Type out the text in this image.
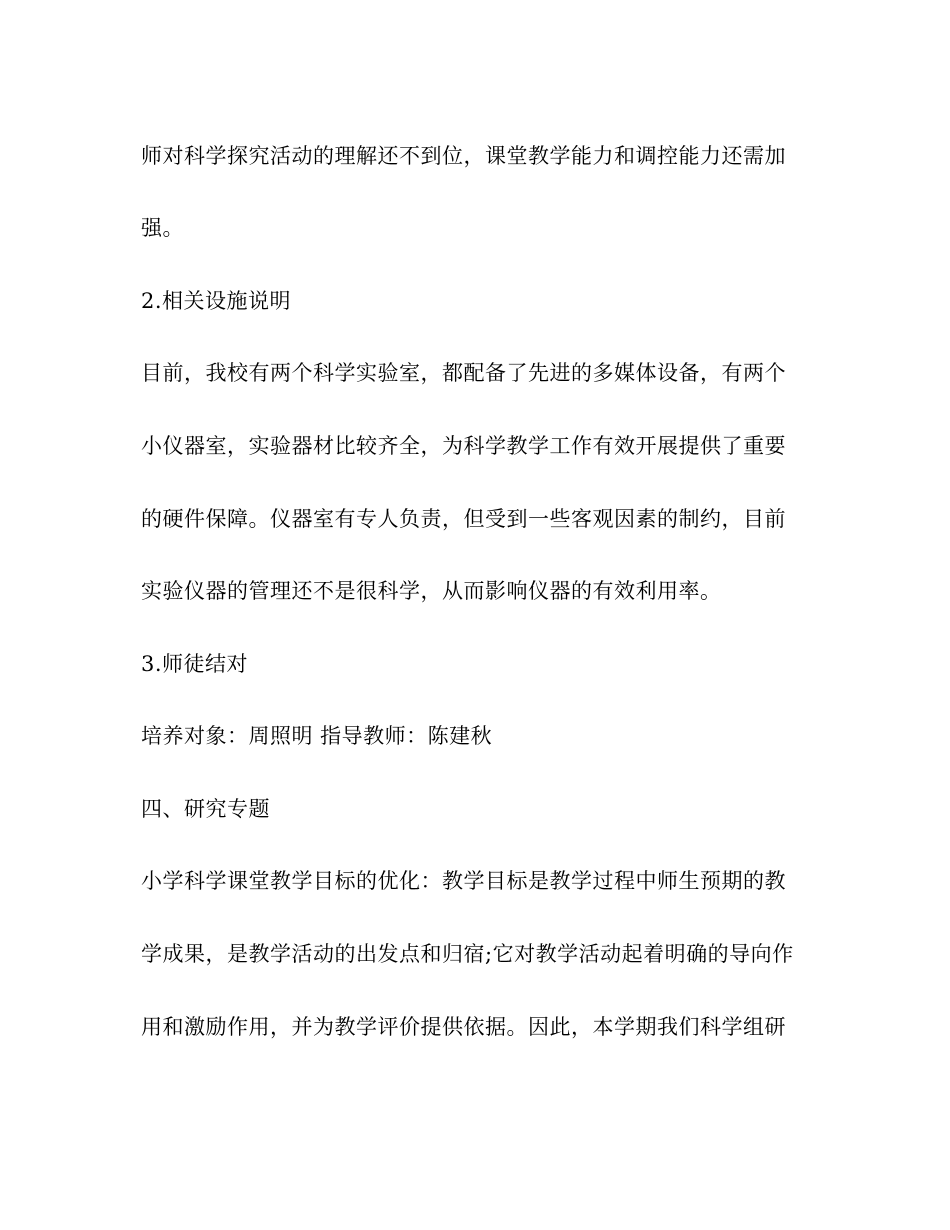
师对科学探究活动的理解还不到位，课堂教学能力和调控能力还需加
强。
2.相关设施说明
目前，我校有两个科学实验室，都配备了先进的多媒体设备，有两个
小仪器室，实验器材比较齐全，为科学教学工作有效开展提供了重要
的硬件保障。仪器室有专人负责，但受到一些客观因素的制约，目前
实验仪器的管理还不是很科学，从而影响仪器的有效利用率。
3.师徒结对
培养对象：周照明 指导教师：陈建秋
四、研究专题
小学科学课堂教学目标的优化：教学目标是教学过程中师生预期的教
学成果，是教学活动的出发点和归宿;它对教学活动起着明确的导向作
用和激励作用，并为教学评价提供依据。因此，本学期我们科学组研
